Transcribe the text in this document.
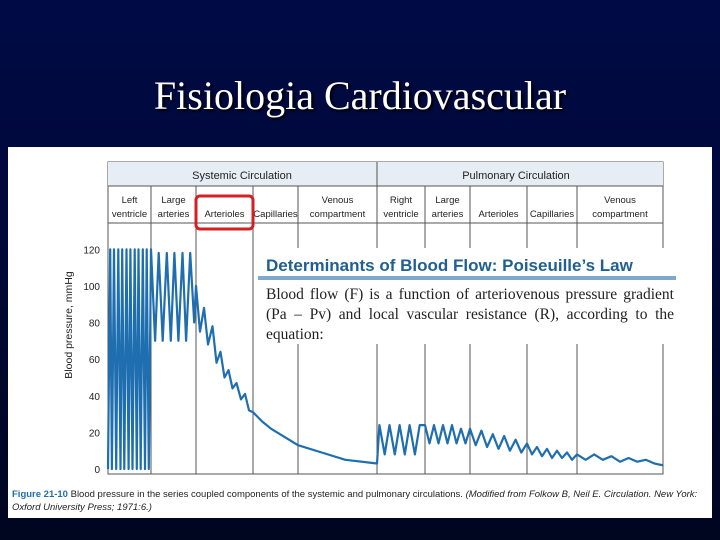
Fisiologia Cardiovascular
Systemic Circulation	Pulmonary Circulation
Left
ventricle
Large
arteries Arterioles Capillaries
Venous
compartment
Right
ventricle
Large
arteries Arterioles Capillaries
Venous
compartment
0
20
40
60
80
100
120
Blood pressure, mmHg
Figure 21-10 Blood pressure in the series coupled components of the systemic and pulmonary circulations. (Modified from Folkow B, Neil E. Circulation. New York: Oxford University Press; 1971:6.)
Determinants of Blood Flow: Poiseuille’s Law
Blood flow (F) is a function of arteriovenous pressure gradient (Pa – Pv) and local vascular resistance (R), according to the equation:
